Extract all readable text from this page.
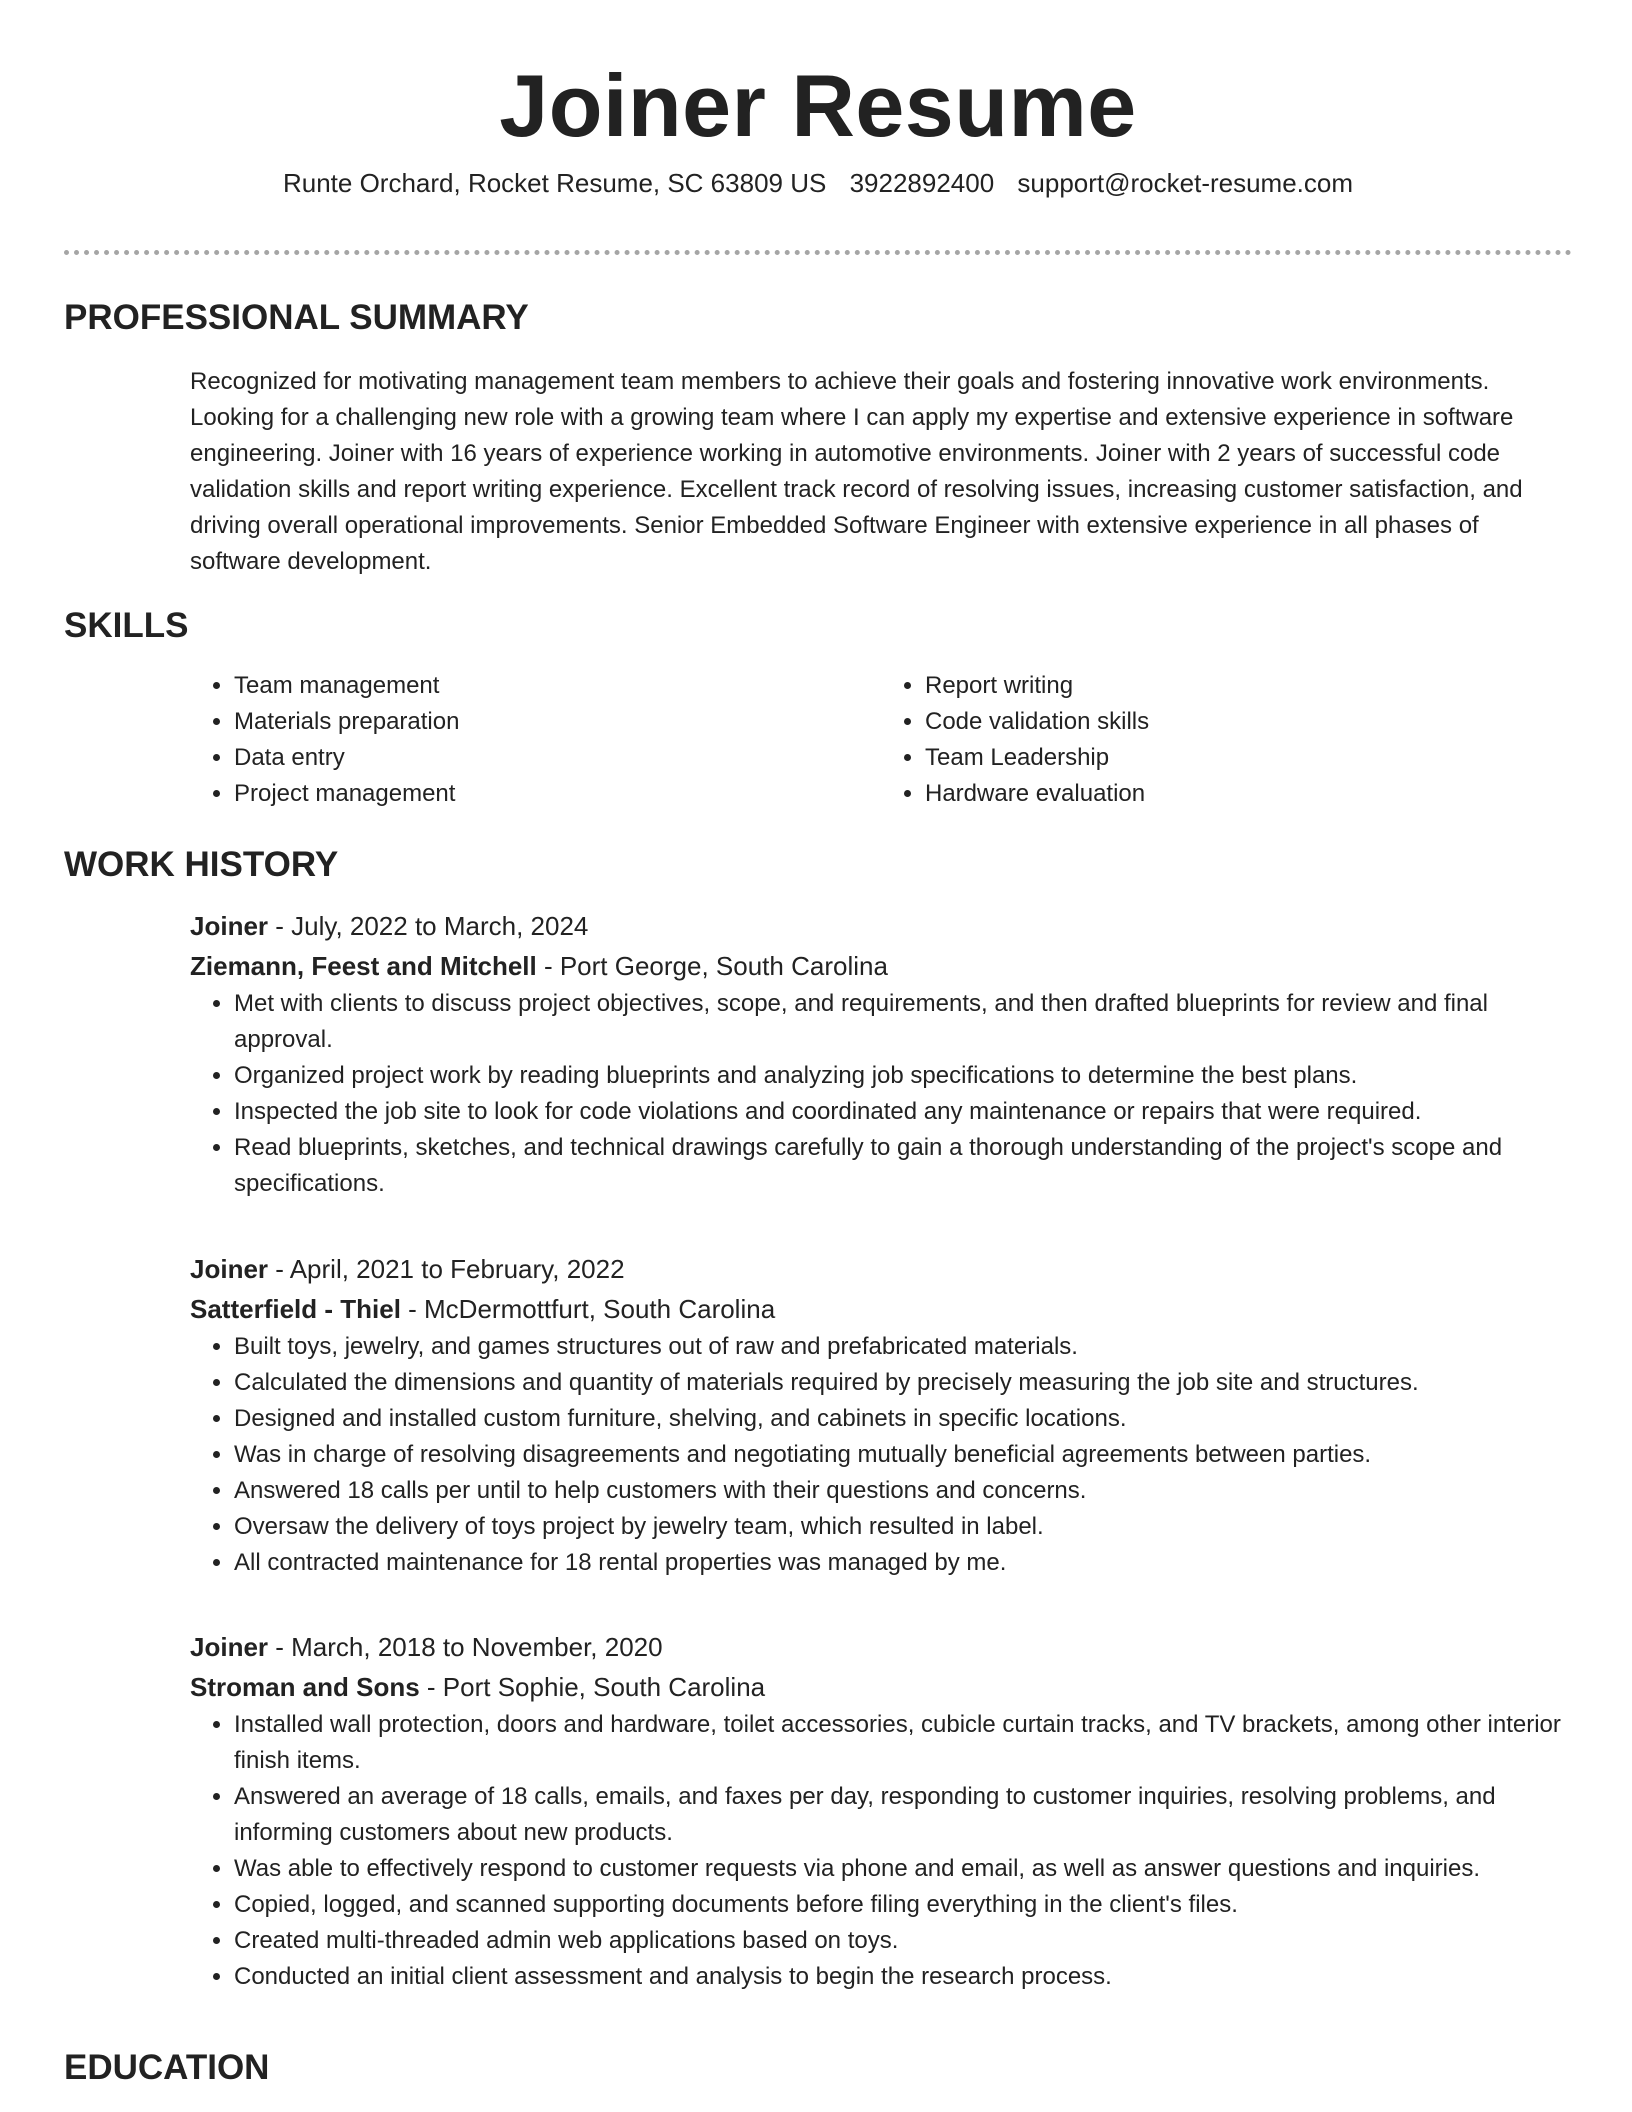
Joiner Resume
Runte Orchard, Rocket Resume, SC 63809 US 3922892400 support@rocket-resume.com
PROFESSIONAL SUMMARY

Recognized for motivating management team members to achieve their goals and fostering innovative work environments. Looking for a challenging new role with a growing team where I can apply my expertise and extensive experience in software engineering. Joiner with 16 years of experience working in automotive environments. Joiner with 2 years of successful code validation skills and report writing experience. Excellent track record of resolving issues, increasing customer satisfaction, and driving overall operational improvements. Senior Embedded Software Engineer with extensive experience in all phases of software development.

SKILLS
• Team management
• Materials preparation
• Data entry
• Project management
• Report writing
• Code validation skills
• Team Leadership
• Hardware evaluation
WORK HISTORY

Joiner - July, 2022 to March, 2024

Ziemann, Feest and Mitchell - Port George, South Carolina

• Met with clients to discuss project objectives, scope, and requirements, and then drafted blueprints for review and final approval.
• Organized project work by reading blueprints and analyzing job specifications to determine the best plans.
• Inspected the job site to look for code violations and coordinated any maintenance or repairs that were required.
• Read blueprints, sketches, and technical drawings carefully to gain a thorough understanding of the project's scope and specifications.

Joiner - April, 2021 to February, 2022

Satterfield - Thiel - McDermottfurt, South Carolina

• Built toys, jewelry, and games structures out of raw and prefabricated materials.
• Calculated the dimensions and quantity of materials required by precisely measuring the job site and structures.
• Designed and installed custom furniture, shelving, and cabinets in specific locations.
• Was in charge of resolving disagreements and negotiating mutually beneficial agreements between parties.
• Answered 18 calls per until to help customers with their questions and concerns.
• Oversaw the delivery of toys project by jewelry team, which resulted in label.
• All contracted maintenance for 18 rental properties was managed by me.

Joiner - March, 2018 to November, 2020

Stroman and Sons - Port Sophie, South Carolina

• Installed wall protection, doors and hardware, toilet accessories, cubicle curtain tracks, and TV brackets, among other interior finish items.
• Answered an average of 18 calls, emails, and faxes per day, responding to customer inquiries, resolving problems, and informing customers about new products.
• Was able to effectively respond to customer requests via phone and email, as well as answer questions and inquiries.
• Copied, logged, and scanned supporting documents before filing everything in the client's files.
• Created multi-threaded admin web applications based on toys.
• Conducted an initial client assessment and analysis to begin the research process.
EDUCATION
